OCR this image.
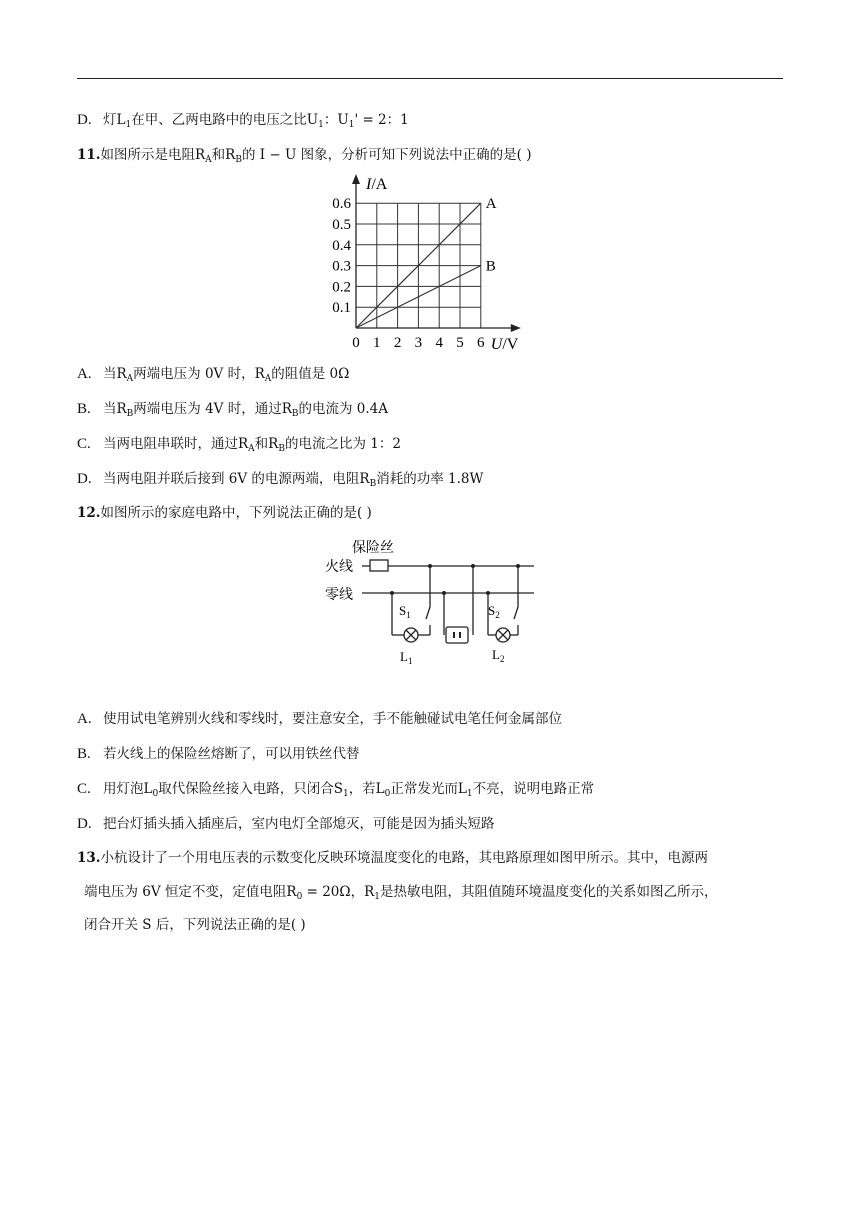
D. 灯$L_1$在甲、乙两电路中的电压之比$U_1$：$U_1' = 2$：1
11.如图所示是电阻$R_A$和$R_B$的 I − U 图象，分析可知下列说法中正确的是( )
A
B
0 1 2 3 4 5 6
0.1
0.2
0.3
0.4
0.5
0.6
I/A
U/V
A. 当$R_A$两端电压为 0V 时，$R_A$的阻值是 0Ω
B. 当$R_B$两端电压为 4V 时，通过$R_B$的电流为 0.4A
C. 当两电阻串联时，通过$R_A$和$R_B$的电流之比为 1：2
D. 当两电阻并联后接到 6V 的电源两端，电阻$R_B$消耗的功率 1.8W
12.如图所示的家庭电路中，下列说法正确的是( )
保险丝
火线
零线
$S_1$
$L_1$
$S_2$
$L_2$
A. 使用试电笔辨别火线和零线时，要注意安全，手不能触碰试电笔任何金属部位
B. 若火线上的保险丝熔断了，可以用铁丝代替
C. 用灯泡$L_0$取代保险丝接入电路，只闭合$S_1$，若$L_0$正常发光而$L_1$不亮，说明电路正常
D. 把台灯插头插入插座后，室内电灯全部熄灭，可能是因为插头短路
13.小杭设计了一个用电压表的示数变化反映环境温度变化的电路，其电路原理如图甲所示。其中，电源两
端电压为 6V 恒定不变，定值电阻$R_0 = 20\Omega$，$R_1$是热敏电阻，其阻值随环境温度变化的关系如图乙所示，
闭合开关 S 后，下列说法正确的是( )
